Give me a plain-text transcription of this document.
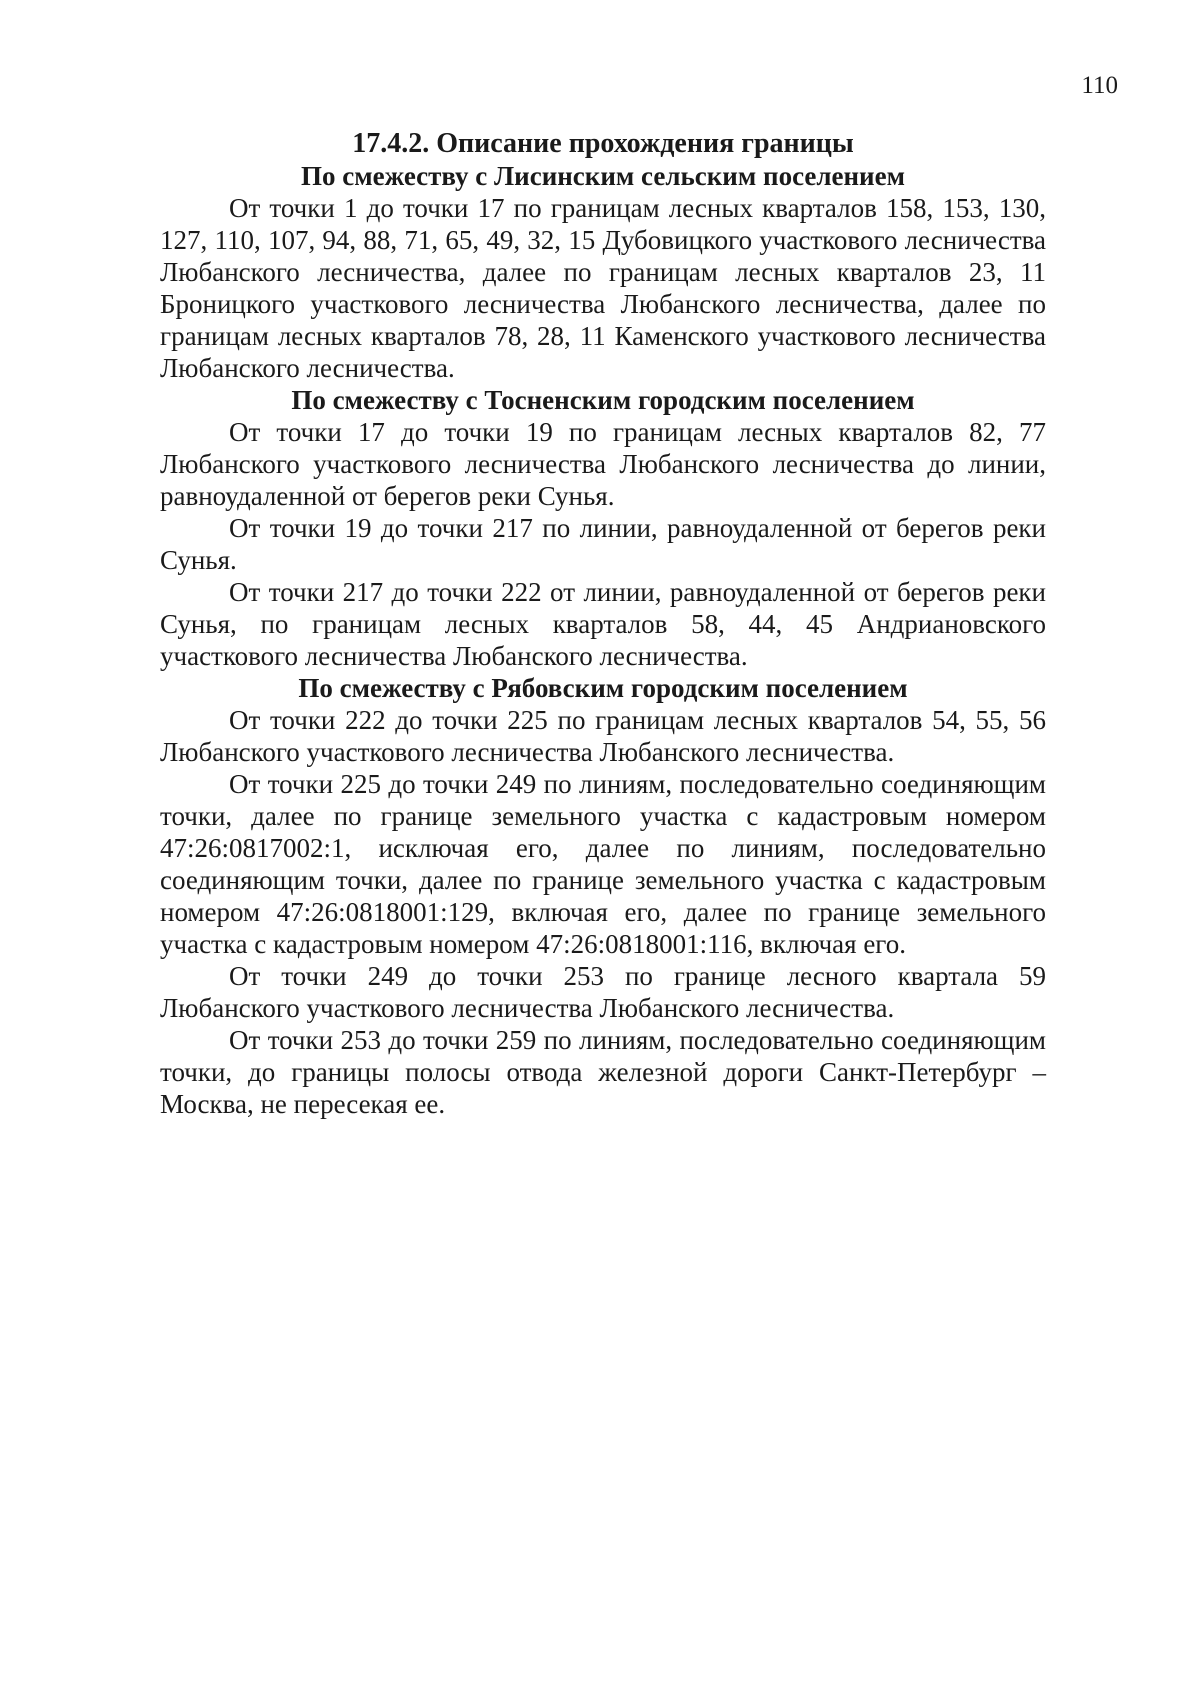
110
17.4.2. Описание прохождения границы
По смежеству с Лисинским сельским поселением

От точки 1 до точки 17 по границам лесных кварталов 158, 153, 130, 127, 110, 107, 94, 88, 71, 65, 49, 32, 15 Дубовицкого участкового лесничества Любанского лесничества, далее по границам лесных кварталов 23, 11 Броницкого участкового лесничества Любанского лесничества, далее по границам лесных кварталов 78, 28, 11 Каменского участкового лесничества Любанского лесничества.

По смежеству с Тосненским городским поселением

От точки 17 до точки 19 по границам лесных кварталов 82, 77 Любанского участкового лесничества Любанского лесничества до линии, равноудаленной от берегов реки Сунья.

От точки 19 до точки 217 по линии, равноудаленной от берегов реки Сунья.

От точки 217 до точки 222 от линии, равноудаленной от берегов реки Сунья, по границам лесных кварталов 58, 44, 45 Андриановского участкового лесничества Любанского лесничества.

По смежеству с Рябовским городским поселением

От точки 222 до точки 225 по границам лесных кварталов 54, 55, 56 Любанского участкового лесничества Любанского лесничества.

От точки 225 до точки 249 по линиям, последовательно соединяющим точки, далее по границе земельного участка с кадастровым номером 47:26:0817002:1, исключая его, далее по линиям, последовательно соединяющим точки, далее по границе земельного участка с кадастровым номером 47:26:0818001:129, включая его, далее по границе земельного участка с кадастровым номером 47:26:0818001:116, включая его.

От точки 249 до точки 253 по границе лесного квартала 59 Любанского участкового лесничества Любанского лесничества.

От точки 253 до точки 259 по линиям, последовательно соединяющим точки, до границы полосы отвода железной дороги Санкт-Петербург – Москва, не пересекая ее.
